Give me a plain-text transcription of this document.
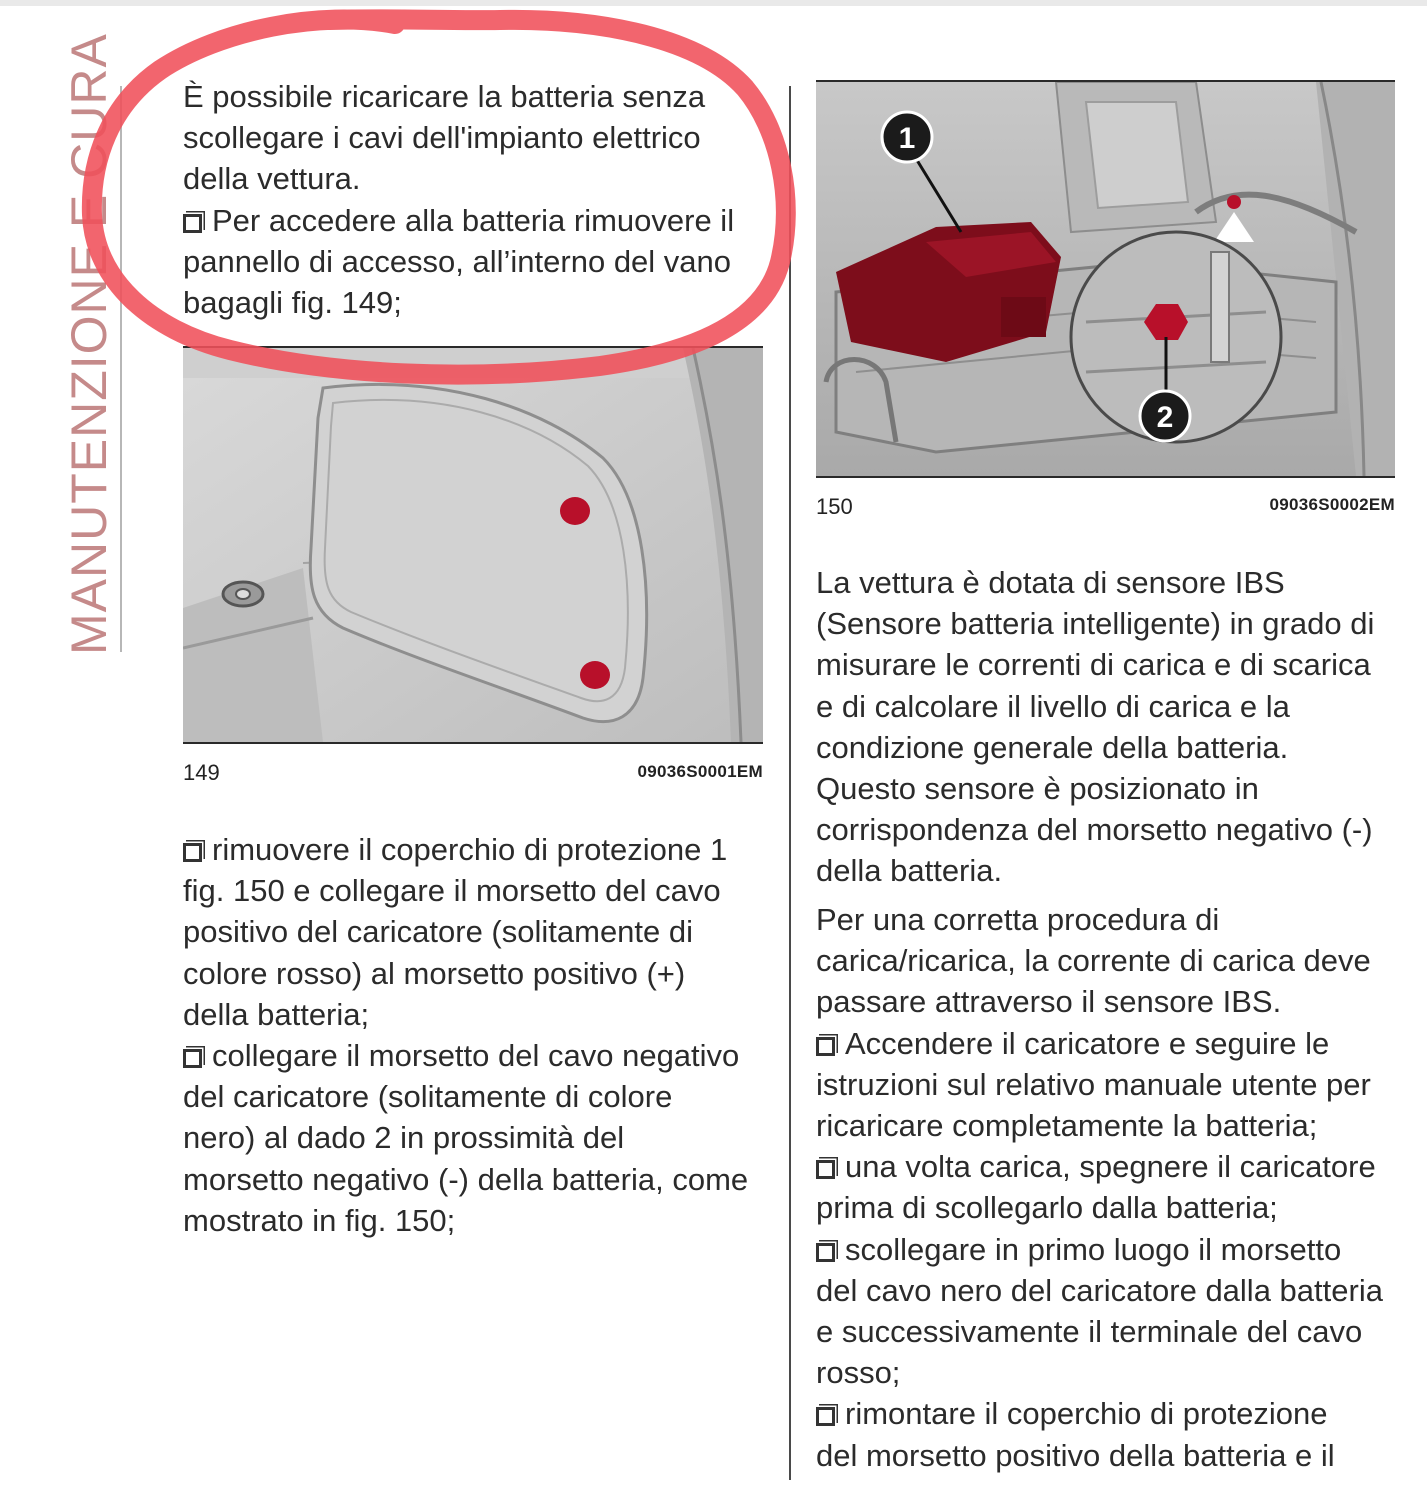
MANUTENZIONE E CURA È possibile ricaricare la batteria senza

scollegare i cavi dell'impianto elettrico

della vettura.

Per accedere alla batteria rimuovere il

pannello di accesso, all’interno del vano

bagagli fig. 149;

149	09036S0001EM

rimuovere il coperchio di protezione 1

fig. 150 e collegare il morsetto del cavo

positivo del caricatore (solitamente di

colore rosso) al morsetto positivo (+)

della batteria;

collegare il morsetto del cavo negativo

del caricatore (solitamente di colore

nero) al dado 2 in prossimità del

morsetto negativo (-) della batteria, come

mostrato in fig. 150;

1
2
150	09036S0002EM

La vettura è dotata di sensore IBS

(Sensore batteria intelligente) in grado di

misurare le correnti di carica e di scarica

e di calcolare il livello di carica e la

condizione generale della batteria.

Questo sensore è posizionato in

corrispondenza del morsetto negativo (-)

della batteria.

Per una corretta procedura di

carica/ricarica, la corrente di carica deve

passare attraverso il sensore IBS.

Accendere il caricatore e seguire le

istruzioni sul relativo manuale utente per

ricaricare completamente la batteria;

una volta carica, spegnere il caricatore

prima di scollegarlo dalla batteria;

scollegare in primo luogo il morsetto

del cavo nero del caricatore dalla batteria

e successivamente il terminale del cavo

rosso;

rimontare il coperchio di protezione

del morsetto positivo della batteria e il
